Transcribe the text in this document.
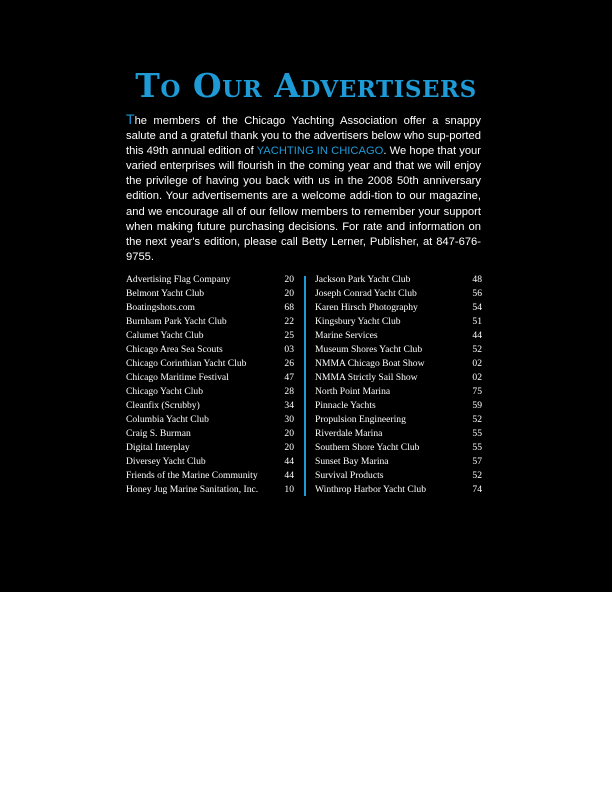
To Our Advertisers

The members of the Chicago Yachting Association offer a snappy salute and a grateful thank you to the advertisers below who sup-ported this 49th annual edition of YACHTING IN CHICAGO. We hope that your varied enterprises will flourish in the coming year and that we will enjoy the privilege of having you back with us in the 2008 50th anniversary edition. Your advertisements are a welcome addi-tion to our magazine, and we encourage all of our fellow members to remember your support when making future purchasing decisions. For rate and information on the next year's edition, please call Betty Lerner, Publisher, at 847-676-9755.

Advertising Flag Company	20
Belmont Yacht Club	20
Boatingshots.com	68
Burnham Park Yacht Club	22
Calumet Yacht Club	25
Chicago Area Sea Scouts	03
Chicago Corinthian Yacht Club	26
Chicago Maritime Festival	47
Chicago Yacht Club	28
Cleanfix (Scrubby)	34
Columbia Yacht Club	30
Craig S. Burman	20
Digital Interplay	20
Diversey Yacht Club	44
Friends of the Marine Community	44
Honey Jug Marine Sanitation, Inc.	10
Jackson Park Yacht Club	48
Joseph Conrad Yacht Club	56
Karen Hirsch Photography	54
Kingsbury Yacht Club	51
Marine Services	44
Museum Shores Yacht Club	52
NMMA Chicago Boat Show	02
NMMA Strictly Sail Show	02
North Point Marina	75
Pinnacle Yachts	59
Propulsion Engineering	52
Riverdale Marina	55
Southern Shore Yacht Club	55
Sunset Bay Marina	57
Survival Products	52
Winthrop Harbor Yacht Club	74
